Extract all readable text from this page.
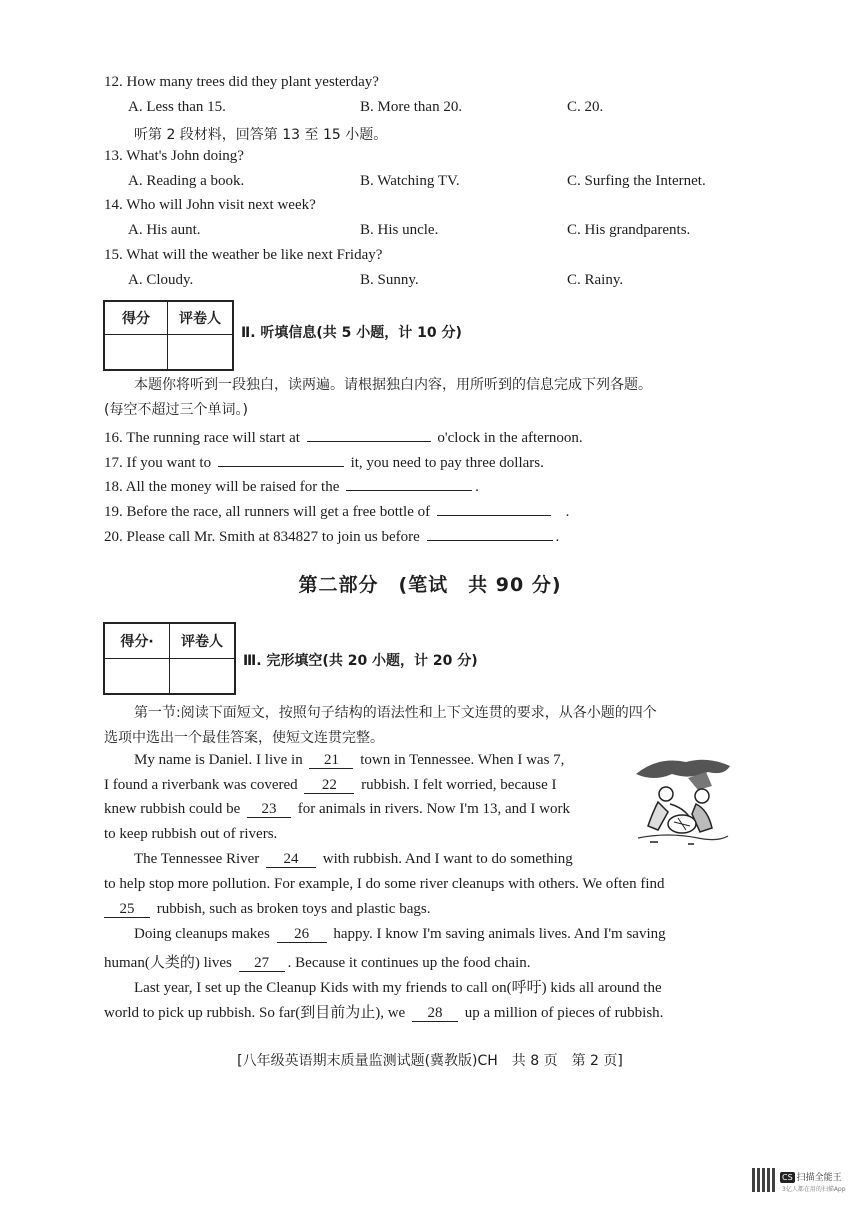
12. How many trees did they plant yesterday?
A. Less than 15.	B. More than 20.	C. 20.
听第 2 段材料，回答第 13 至 15 小题。
13. What's John doing?
A. Reading a book.	B. Watching TV.	C. Surfing the Internet.
14. Who will John visit next week?
A. His aunt.	B. His uncle.	C. His grandparents.
15. What will the weather be like next Friday?
A. Cloudy.	B. Sunny.	C. Rainy.
得分	评卷人

Ⅱ. 听填信息(共 5 小题，计 10 分)
本题你将听到一段独白，读两遍。请根据独白内容，用所听到的信息完成下列各题。
(每空不超过三个单词。)
16. The running race will start at	o'clock in the afternoon.
17. If you want to	it, you need to pay three dollars.
18. All the money will be raised for the	.
19. Before the race, all runners will get a free bottle of	.
20. Please call Mr. Smith at 834827 to join us before	.
第二部分　(笔试　共 90 分)
得分·	评卷人

Ⅲ. 完形填空(共 20 小题，计 20 分)
第一节:阅读下面短文，按照句子结构的语法性和上下文连贯的要求，从各小题的四个
选项中选出一个最佳答案，使短文连贯完整。
My name is Daniel. I live in 21 town in Tennessee. When I was 7,
I found a riverbank was covered 22 rubbish. I felt worried, because I
knew rubbish could be 23 for animals in rivers. Now I'm 13, and I work
to keep rubbish out of rivers.
The Tennessee River 24 with rubbish. And I want to do something
to help stop more pollution. For example, I do some river cleanups with others. We often find
25 rubbish, such as broken toys and plastic bags.
Doing cleanups makes 26 happy. I know I'm saving animals lives. And I'm saving
human(人类的) lives 27 . Because it continues up the food chain.
Last year, I set up the Cleanup Kids with my friends to call on(呼吁) kids all around the
world to pick up rubbish. So far(到目前为止), we 28 up a million of pieces of rubbish.
[八年级英语期末质量监测试题(冀教版)CH　共 8 页　第 2 页]
CS 扫描全能王
3亿人都在用的扫描App
